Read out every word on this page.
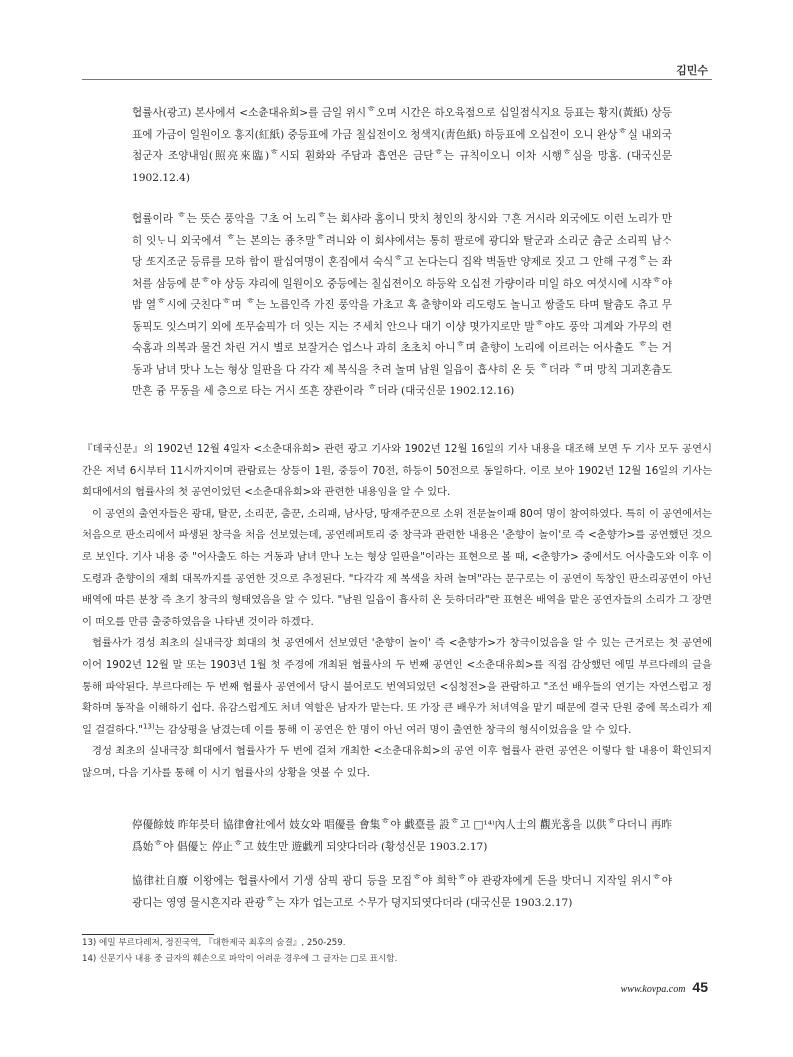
김민수
협률사(광고) 본사에셔 <소츈대유희>를 금일 위시ᄒ오며 시간은 하오육점으로 십일점식지요 등표는 황지(黃紙) 상등표에 가금이 일원이오 홍지(紅紙) 중등표에 가금 칠십전이오 청색지(靑色紙) 하등표에 오십전이 오니 완상ᄒ실 내외국첨군자 조양내임(照亮來臨)ᄒ시되 훤화와 주담과 흡연은 금단ᄒ는 규칙이오니 이차 시행ᄒ심을 망홈. (대국신문 1902.12.4)
협률이라 ᄒ는 뜻슨 풍악을 ᄀᆞ초 어 노리ᄒ는 회샤라 홈이니 맛치 쳥인의 창시와 ᄀᆞ흔 거시라 외국에도 이런 노리가 만히 잇ᄂᆞ니 외국에셔 ᄒ는 본의는 죵ᄎᆞ말ᄒ려니와 이 회샤에셔는 통히 팔로에 광디와 탈군과 소리군 츔군 소리픽 남ᄉᆞ당 ᄯᅩ지조군 등류를 모하 함이 팔십여명이 혼집에셔 숙식ᄒ고 논다는디 집왁 벽돌반 양제로 짓고 그 안해 구경ᄒ는 좌처를 삼등에 분ᄒ야 상등 쟈리에 일원이오 중등에는 칠십젼이오 하등왁 오십전 가량이라 미일 하오 여섯시에 시쟉ᄒ야 밤 열ᄒ시에 긋친다ᄒ며 ᄒ는 노름인즉 가진 풍악을 가초고 혹 츈향이와 리도령도 놀니고 쌍줄도 타며 탈츔도 츄고 무동픽도 잇스며기 외에 ᄯᅩ무숨픽가 더 잇는 지는 ᄌᆞ세치 안으나 대기 이샹 몃가지로만 말ᄒ야도 풍악 긔계와 가무의 련숙홈과 의복과 물건 차린 거시 별로 보잘거슨 업스나 과히 초초치 아니ᄒ며 츈향이 노리에 이르러는 어사츌도 ᄒ는 거동과 남녀 맛나 노는 형상 일판을 다 각각 제 복식을 ᄎᆞ려 놀며 남원 일읍이 흡샤히 온 듯 ᄒ더라 ᄒ며 망칙 긔괴혼츔도 만흔 즁 무동을 세 층으로 타는 거시 ᄯᅩ흔 쟝관이라 ᄒ더라 (대국신문 1902.12.16)

『데국신문』의 1902년 12월 4일자 <소춘대유희> 관련 광고 기사와 1902년 12월 16일의 기사 내용을 대조해 보면 두 기사 모두 공연시간은 저녁 6시부터 11시까지이며 관람료는 상등이 1원, 중등이 70전, 하등이 50전으로 동일하다. 이로 보아 1902년 12월 16일의 기사는 희대에서의 협률사의 첫 공연이었던 <소춘대유희>와 관련한 내용임을 알 수 있다.

이 공연의 출연자들은 광대, 탈꾼, 소리꾼, 춤꾼, 소리패, 남사당, 땅재주꾼으로 소위 전문놀이패 80여 명이 참여하였다. 특히 이 공연에서는 처음으로 판소리에서 파생된 창극을 처음 선보였는데, 공연레퍼토리 중 창극과 관련한 내용은 '춘향이 놀이'로 즉 <춘향가>를 공연했던 것으로 보인다. 기사 내용 중 "어사출도 하는 거동과 남녀 만나 노는 형상 일판을"이라는 표현으로 볼 때, <춘향가> 중에서도 어사출도와 이후 이도령과 춘향이의 재회 대목까지를 공연한 것으로 추정된다. "다각각 제 복색을 차려 놀며"라는 문구로는 이 공연이 독창인 판소리공연이 아닌 배역에 따른 분창 즉 초기 창극의 형태였음을 알 수 있다. "남원 일읍이 흡사히 온 듯하더라"란 표현은 배역을 맡은 공연자들의 소리가 그 장면이 떠오를 만큼 출중하였음을 나타낸 것이라 하겠다.

협률사가 경성 최초의 실내극장 희대의 첫 공연에서 선보였던 '춘향이 놀이' 즉 <춘향가>가 창극이었음을 알 수 있는 근거로는 첫 공연에 이어 1902년 12월 말 또는 1903년 1월 첫 주경에 개최된 협률사의 두 번째 공연인 <소춘대유희>를 직접 감상했던 에밀 부르다레의 글을 통해 파악된다. 부르다레는 두 번째 협률사 공연에서 당시 불어로도 번역되었던 <심청전>을 관람하고 "조선 배우들의 연기는 자연스럽고 정확하며 동작을 이해하기 쉽다. 유감스럽게도 처녀 역할은 남자가 맡는다. 또 가장 큰 배우가 처녀역을 맡기 때문에 결국 단원 중에 목소리가 제일 걸걸하다."$^{13)}$는 감상평을 남겼는데 이를 통해 이 공연은 한 명이 아닌 여러 명이 출연한 창극의 형식이었음을 알 수 있다.

경성 최초의 실내극장 희대에서 협률사가 두 번에 걸쳐 개최한 <소춘대유희>의 공연 이후 협률사 관련 공연은 이렇다 할 내용이 확인되지 않으며, 다음 기사를 통해 이 시기 협률사의 상황을 엿볼 수 있다.

停優餘妓 昨年븟터 協律會社에서 妓女와 唱優를 會集ᄒ야 戱臺를 設ᄒ고 □¹⁴⁾內人士의 觀光홈을 以供ᄒ다더니 再昨爲始ᄒ야 倡優ᄂᆞᆫ 停止ᄒ고 妓生만 遊戱케 되얏다더라 (황성신문 1903.2.17)
協律社自廢 이왕에는 협률사에서 기생 삼픽 광디 등을 모집ᄒ야 희학ᄒ야 관광쟈에게 돈을 밧더니 지작일 위시ᄒ야 광디는 영영 물시흔지라 관광ᄒ는 쟈가 업는고로 ᄉᆞ무가 뎡지되엿다더라 (대국신문 1903.2.17)
13) 에밀 부르다레저, 정진국역, 『대한제국 최후의 숨결』, 250-259.
14) 신문기사 내용 중 글자의 훼손으로 파악이 어려운 경우에 그 글자는 □로 표시함.
www.kovpa.com 45
